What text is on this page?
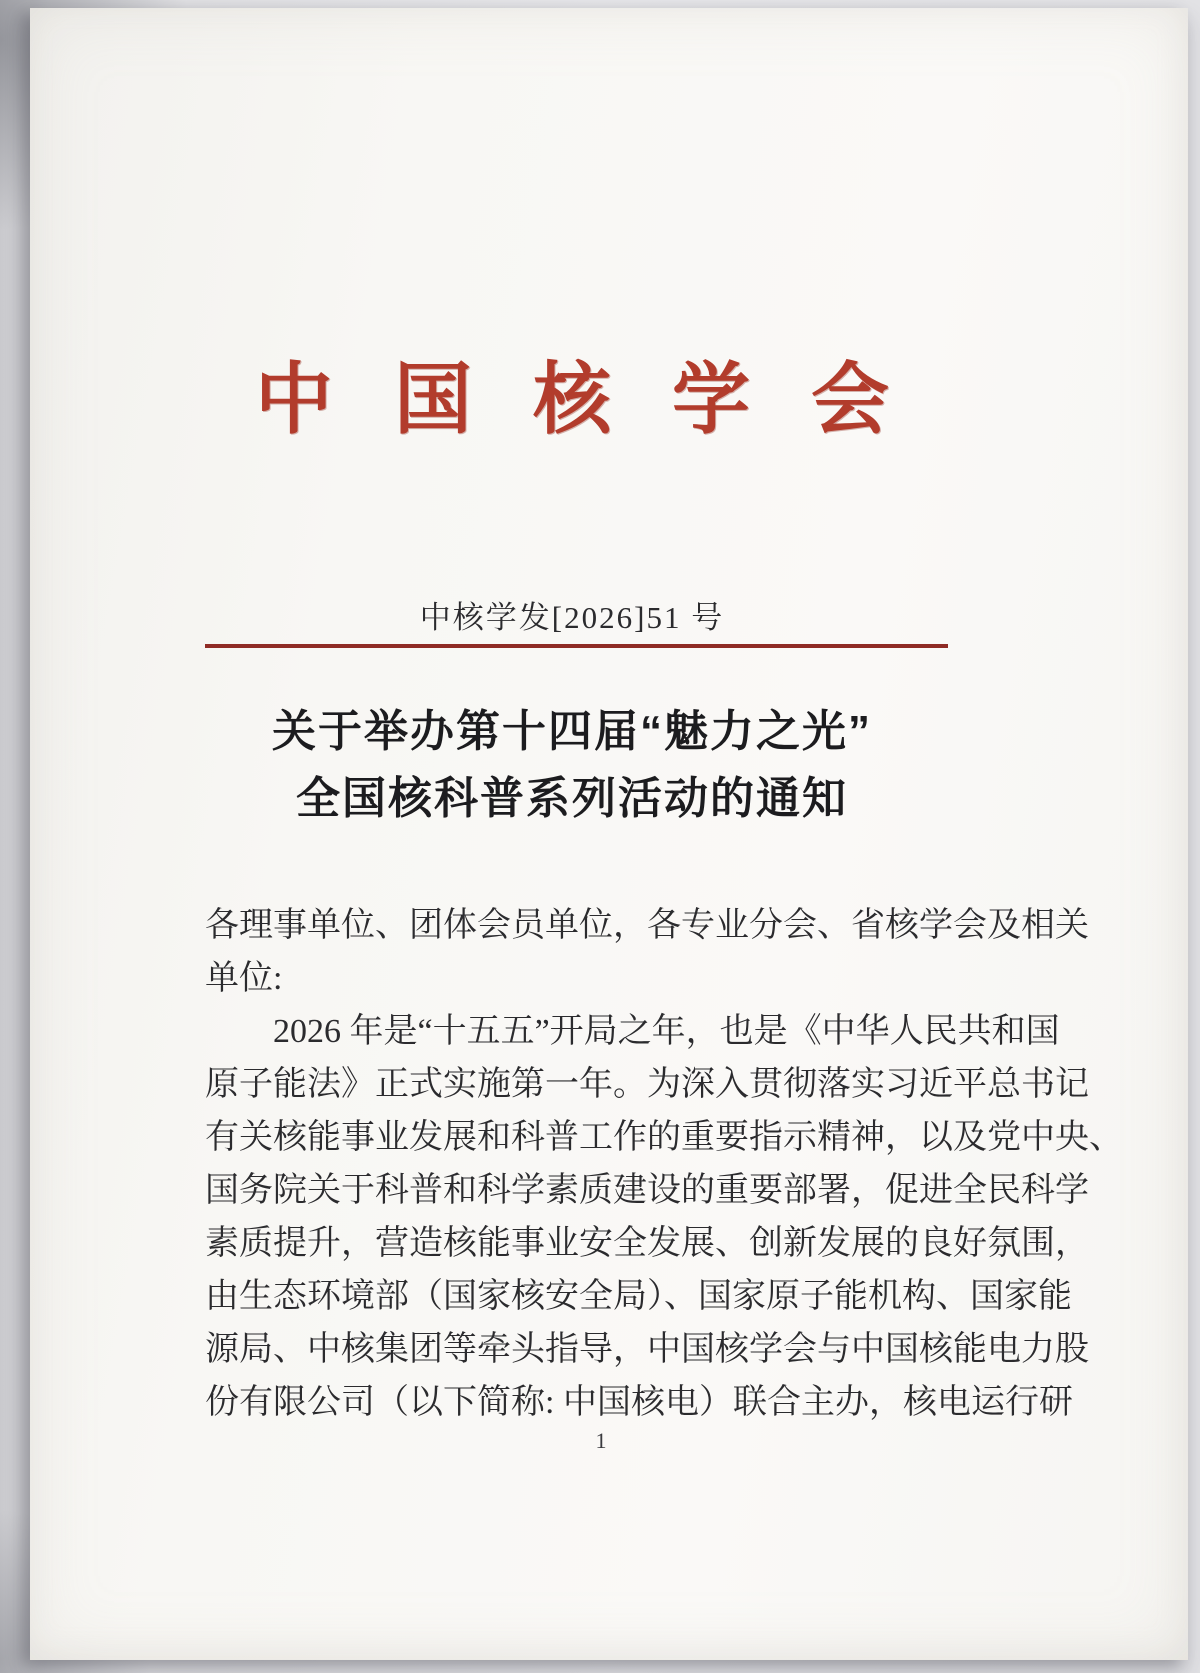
中国核学会
中核学发[2026]51 号
关于举办第十四届“魅力之光”
全国核科普系列活动的通知
各理事单位、团体会员单位，各专业分会、省核学会及相关
单位:
2026 年是“十五五”开局之年，也是《中华人民共和国
原子能法》正式实施第一年。为深入贯彻落实习近平总书记
有关核能事业发展和科普工作的重要指示精神，以及党中央、
国务院关于科普和科学素质建设的重要部署，促进全民科学
素质提升，营造核能事业安全发展、创新发展的良好氛围，
由生态环境部（国家核安全局）、国家原子能机构、国家能
源局、中核集团等牵头指导，中国核学会与中国核能电力股
份有限公司（以下简称: 中国核电）联合主办，核电运行研
1
